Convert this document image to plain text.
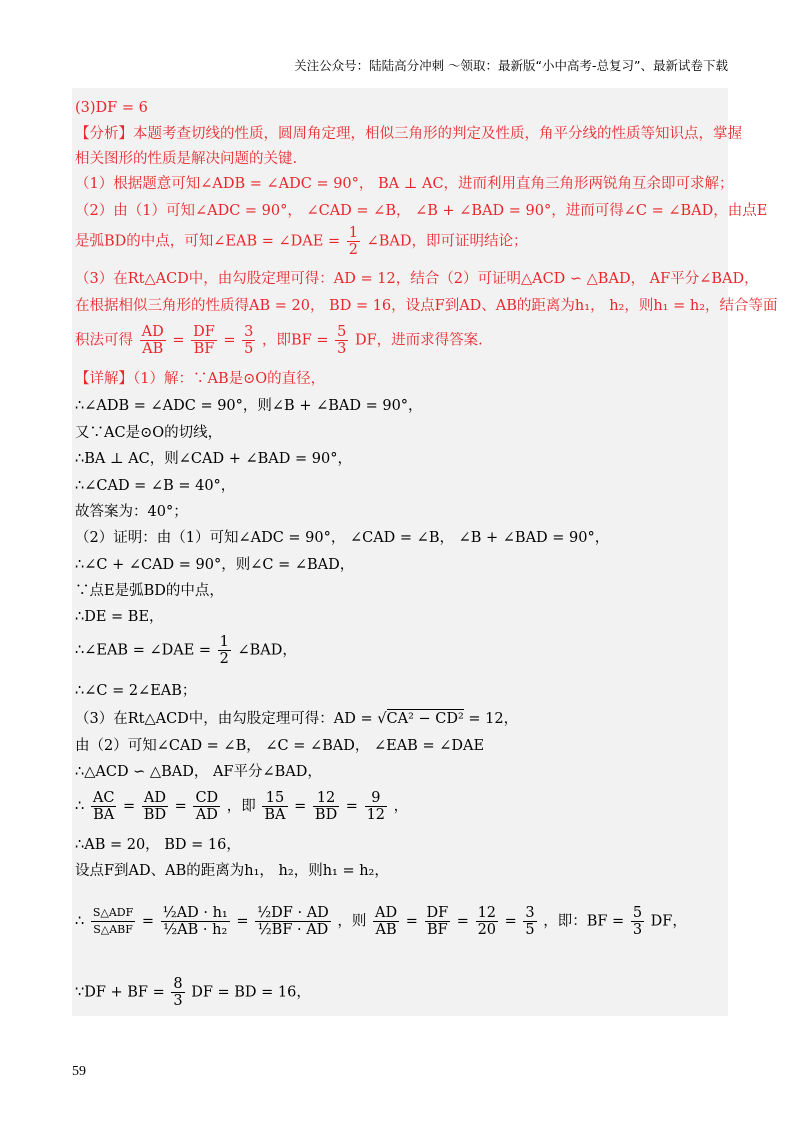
关注公众号：陆陆高分冲刺 ～领取：最新版“小中高考-总复习”、最新试卷下载
(3)DF = 6
【分析】本题考查切线的性质，圆周角定理，相似三角形的判定及性质，角平分线的性质等知识点，掌握
相关图形的性质是解决问题的关键.
（1）根据题意可知∠ADB = ∠ADC = 90°， BA ⊥ AC，进而利用直角三角形两锐角互余即可求解；
（2）由（1）可知∠ADC = 90°， ∠CAD = ∠B， ∠B + ∠BAD = 90°，进而可得∠C = ∠BAD，由点E
是弧BD的中点，可知∠EAB = ∠DAE = $\frac{1}{2}$ ∠BAD，即可证明结论；
（3）在Rt△ACD中，由勾股定理可得：AD = 12，结合（2）可证明△ACD ∽ △BAD， AF平分∠BAD，
在根据相似三角形的性质得AB = 20， BD = 16，设点F到AD、AB的距离为h₁， h₂，则h₁ = h₂，结合等面
积法可得 $\frac{AD}{AB} = \frac{DF}{BF} = \frac{3}{5}$ ，即BF = $\frac{5}{3}$ DF，进而求得答案.
【详解】（1）解：∵AB是⊙O的直径，
∴∠ADB = ∠ADC = 90°，则∠B + ∠BAD = 90°，
又∵AC是⊙O的切线，
∴BA ⊥ AC，则∠CAD + ∠BAD = 90°，
∴∠CAD = ∠B = 40°，
故答案为：40°；
（2）证明：由（1）可知∠ADC = 90°， ∠CAD = ∠B， ∠B + ∠BAD = 90°，
∴∠C + ∠CAD = 90°，则∠C = ∠BAD，
∵点E是弧BD的中点，
∴DE = BE，
∴∠EAB = ∠DAE = $\frac{1}{2}$ ∠BAD，
∴∠C = 2∠EAB；
（3）在Rt△ACD中，由勾股定理可得：AD = √CA² − CD² = 12，
由（2）可知∠CAD = ∠B， ∠C = ∠BAD， ∠EAB = ∠DAE
∴△ACD ∽ △BAD， AF平分∠BAD，
∴ $\frac{AC}{BA} = \frac{AD}{BD} = \frac{CD}{AD}$ ，即 $\frac{15}{BA} = \frac{12}{BD} = \frac{9}{12}$ ，
∴AB = 20， BD = 16，
设点F到AD、AB的距离为h₁， h₂，则h₁ = h₂，
∴ $\frac{\text{S△ADF}}{\text{S△ABF}} = \frac{\text{½AD · h₁}}{\text{½AB · h₂}} = \frac{\text{½DF · AD}}{\text{½BF · AD}}$ ，则 $\frac{AD}{AB} = \frac{DF}{BF} = \frac{12}{20} = \frac{3}{5}$ ，即：BF = $\frac{5}{3}$ DF，
∵DF + BF = $\frac{8}{3}$ DF = BD = 16，
59
